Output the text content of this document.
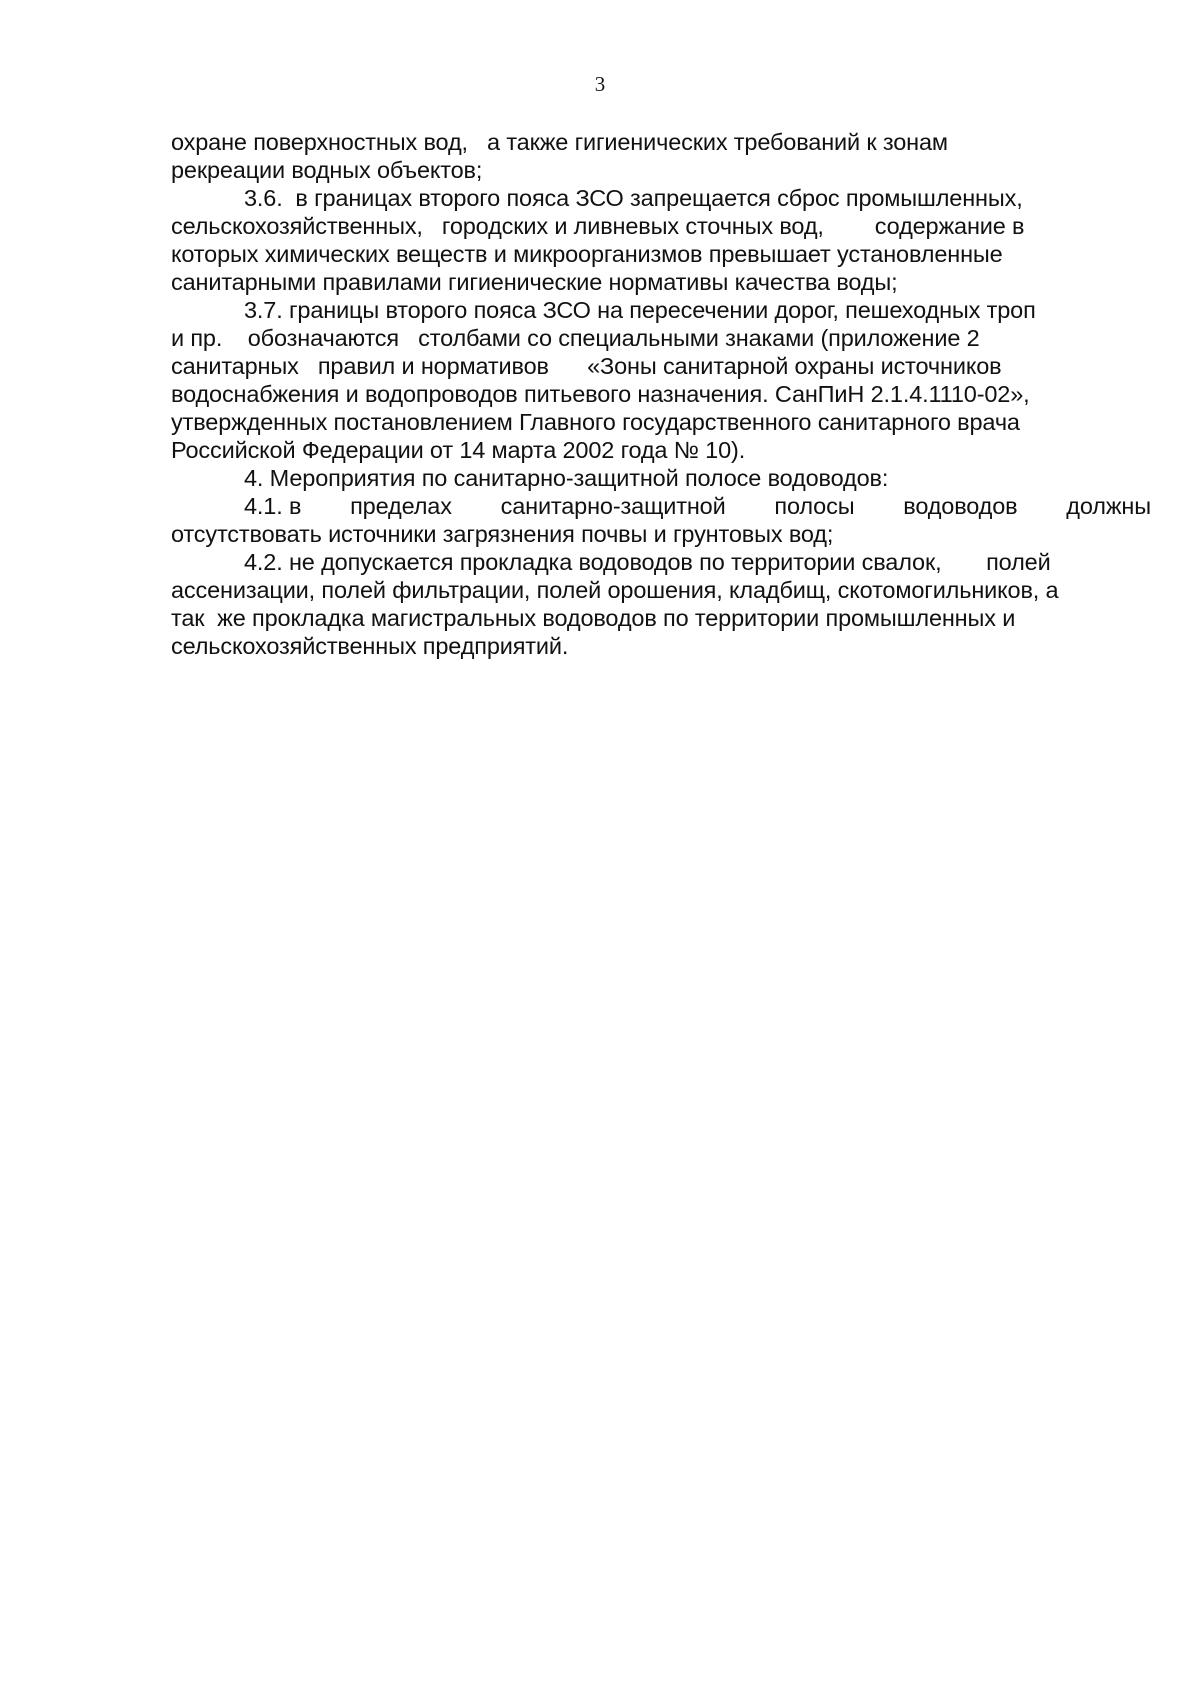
3
охране поверхностных вод,   а также гигиенических требований к зонам
рекреации водных объектов;
3.6.  в границах второго пояса ЗСО запрещается сброс промышленных,
сельскохозяйственных,   городских и ливневых сточных вод,        содержание в
которых химических веществ и микроорганизмов превышает установленные
санитарными правилами гигиенические нормативы качества воды;
3.7. границы второго пояса ЗСО на пересечении дорог, пешеходных троп
и пр.    обозначаются   столбами со специальными знаками (приложение 2
санитарных   правил и нормативов      «Зоны санитарной охраны источников
водоснабжения и водопроводов питьевого назначения. СанПиН 2.1.4.1110-02»,
утвержденных постановлением Главного государственного санитарного врача
Российской Федерации от 14 марта 2002 года № 10).
4. Мероприятия по санитарно-защитной полосе водоводов:
4.1. в пределах санитарно-защитной полосы водоводов должны
отсутствовать источники загрязнения почвы и грунтовых вод;
4.2. не допускается прокладка водоводов по территории свалок,       полей
ассенизации, полей фильтрации, полей орошения, кладбищ, скотомогильников, а
так  же прокладка магистральных водоводов по территории промышленных и
сельскохозяйственных предприятий.
